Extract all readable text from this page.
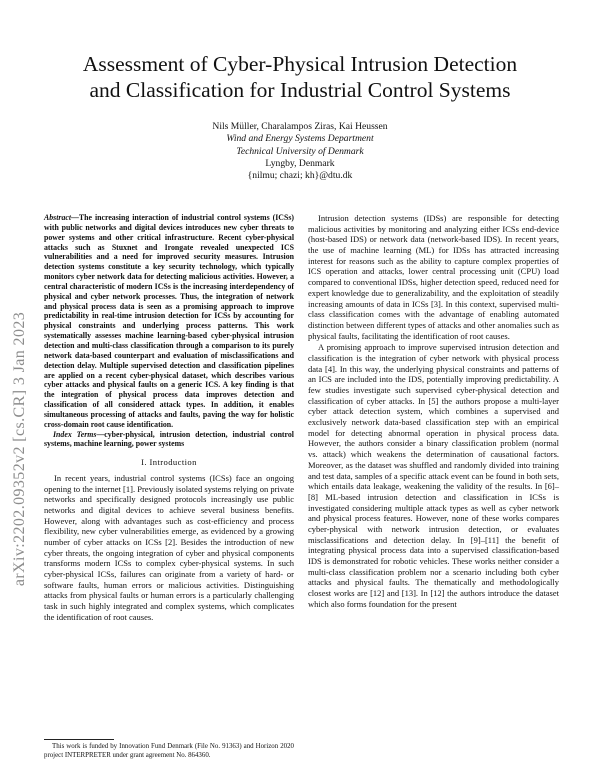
arXiv:2202.09352v2 [cs.CR] 3 Jan 2023
Assessment of Cyber-Physical Intrusion Detection
and Classification for Industrial Control Systems
Nils Müller, Charalampos Ziras, Kai Heussen
Wind and Energy Systems Department
Technical University of Denmark
Lyngby, Denmark
{nilmu; chazi; kh}@dtu.dk

Abstract—The increasing interaction of industrial control systems (ICSs) with public networks and digital devices introduces new cyber threats to power systems and other critical infrastructure. Recent cyber-physical attacks such as Stuxnet and Irongate revealed unexpected ICS vulnerabilities and a need for improved security measures. Intrusion detection systems constitute a key security technology, which typically monitors cyber network data for detecting malicious activities. However, a central characteristic of modern ICSs is the increasing interdependency of physical and cyber network processes. Thus, the integration of network and physical process data is seen as a promising approach to improve predictability in real-time intrusion detection for ICSs by accounting for physical constraints and underlying process patterns. This work systematically assesses machine learning-based cyber-physical intrusion detection and multi-class classification through a comparison to its purely network data-based counterpart and evaluation of misclassifications and detection delay. Multiple supervised detection and classification pipelines are applied on a recent cyber-physical dataset, which describes various cyber attacks and physical faults on a generic ICS. A key finding is that the integration of physical process data improves detection and classification of all considered attack types. In addition, it enables simultaneous processing of attacks and faults, paving the way for holistic cross-domain root cause identification.

Index Terms—cyber-physical, intrusion detection, industrial control systems, machine learning, power systems

I. Introduction

In recent years, industrial control systems (ICSs) face an ongoing opening to the internet [1]. Previously isolated systems relying on private networks and specifically designed protocols increasingly use public networks and digital devices to achieve several business benefits. However, along with advantages such as cost-efficiency and process flexibility, new cyber vulnerabilities emerge, as evidenced by a growing number of cyber attacks on ICSs [2]. Besides the introduction of new cyber threats, the ongoing integration of cyber and physical components transforms modern ICSs to complex cyber-physical systems. In such cyber-physical ICSs, failures can originate from a variety of hard- or software faults, human errors or malicious activities. Distinguishing attacks from physical faults or human errors is a particularly challenging task in such highly integrated and complex systems, which complicates the identification of root causes.

This work is funded by Innovation Fund Denmark (File No. 91363) and Horizon 2020 project INTERPRETER under grant agreement No. 864360.

Intrusion detection systems (IDSs) are responsible for detecting malicious activities by monitoring and analyzing either ICSs end-device (host-based IDS) or network data (network-based IDS). In recent years, the use of machine learning (ML) for IDSs has attracted increasing interest for reasons such as the ability to capture complex properties of ICS operation and attacks, lower central processing unit (CPU) load compared to conventional IDSs, higher detection speed, reduced need for expert knowledge due to generalizability, and the exploitation of steadily increasing amounts of data in ICSs [3]. In this context, supervised multi-class classification comes with the advantage of enabling automated distinction between different types of attacks and other anomalies such as physical faults, facilitating the identification of root causes.

A promising approach to improve supervised intrusion detection and classification is the integration of cyber network with physical process data [4]. In this way, the underlying physical constraints and patterns of an ICS are included into the IDS, potentially improving predictability. A few studies investigate such supervised cyber-physical detection and classification of cyber attacks. In [5] the authors propose a multi-layer cyber attack detection system, which combines a supervised and exclusively network data-based classification step with an empirical model for detecting abnormal operation in physical process data. However, the authors consider a binary classification problem (normal vs. attack) which weakens the determination of causational factors. Moreover, as the dataset was shuffled and randomly divided into training and test data, samples of a specific attack event can be found in both sets, which entails data leakage, weakening the validity of the results. In [6]–[8] ML-based intrusion detection and classification in ICSs is investigated considering multiple attack types as well as cyber network and physical process features. However, none of these works compares cyber-physical with network intrusion detection, or evaluates misclassifications and detection delay. In [9]–[11] the benefit of integrating physical process data into a supervised classification-based IDS is demonstrated for robotic vehicles. These works neither consider a multi-class classification problem nor a scenario including both cyber attacks and physical faults. The thematically and methodologically closest works are [12] and [13]. In [12] the authors introduce the dataset which also forms foundation for the present
